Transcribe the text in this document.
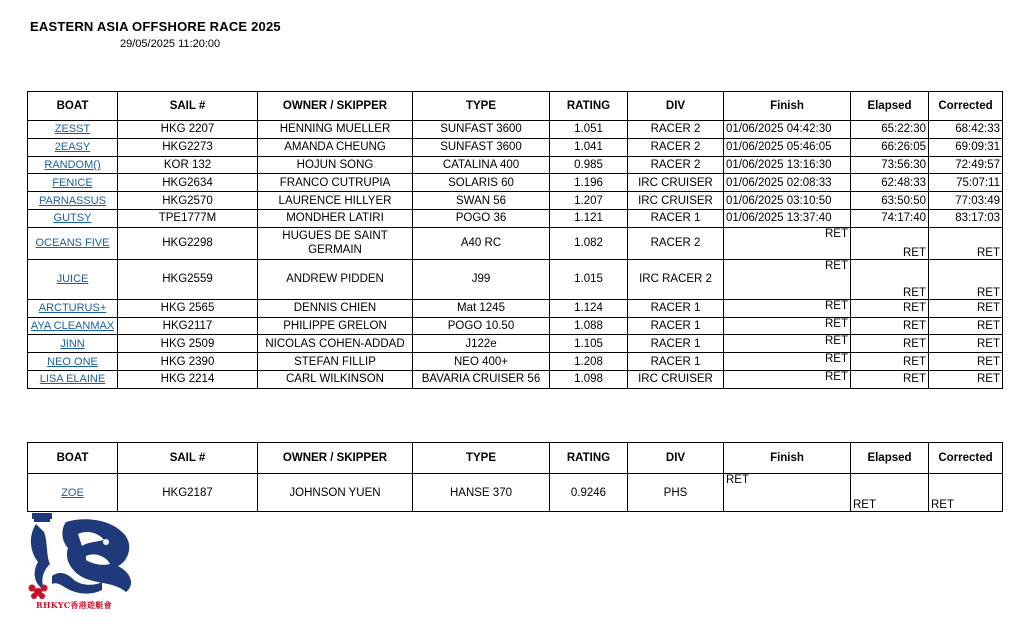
EASTERN ASIA OFFSHORE RACE 2025
29/05/2025 11:20:00
BOAT	SAIL #	OWNER / SKIPPER	TYPE	RATING	DIV	Finish	Elapsed	Corrected
ZESST	HKG 2207	HENNING MUELLER	SUNFAST 3600	1.051	RACER 2	01/06/2025 04:42:30	65:22:30	68:42:33
2EASY	HKG2273	AMANDA CHEUNG	SUNFAST 3600	1.041	RACER 2	01/06/2025 05:46:05	66:26:05	69:09:31
RANDOM()	KOR 132	HOJUN SONG	CATALINA 400	0.985	RACER 2	01/06/2025 13:16:30	73:56:30	72:49:57
FENICE	HKG2634	FRANCO CUTRUPIA	SOLARIS 60	1.196	IRC CRUISER	01/06/2025 02:08:33	62:48:33	75:07:11
PARNASSUS	HKG2570	LAURENCE HILLYER	SWAN 56	1.207	IRC CRUISER	01/06/2025 03:10:50	63:50:50	77:03:49
GUTSY	TPE1777M	MONDHER LATIRI	POGO 36	1.121	RACER 1	01/06/2025 13:37:40	74:17:40	83:17:03
OCEANS FIVE	HKG2298	HUGUES DE SAINT GERMAIN	A40 RC	1.082	RACER 2	RET	RET	RET
JUICE	HKG2559	ANDREW PIDDEN	J99	1.015	IRC RACER 2	RET	RET	RET
ARCTURUS+	HKG 2565	DENNIS CHIEN	Mat 1245	1.124	RACER 1	RET	RET	RET
AYA CLEANMAX	HKG2117	PHILIPPE GRELON	POGO 10.50	1.088	RACER 1	RET	RET	RET
JINN	HKG 2509	NICOLAS COHEN-ADDAD	J122e	1.105	RACER 1	RET	RET	RET
NEO ONE	HKG 2390	STEFAN FILLIP	NEO 400+	1.208	RACER 1	RET	RET	RET
LISA ELAINE	HKG 2214	CARL WILKINSON	BAVARIA CRUISER 56	1.098	IRC CRUISER	RET	RET	RET
BOAT	SAIL #	OWNER / SKIPPER	TYPE	RATING	DIV	Finish	Elapsed	Corrected
ZOE	HKG2187	JOHNSON YUEN	HANSE 370	0.9246	PHS	RET	RET	RET
RHKYC香港遊艇會
